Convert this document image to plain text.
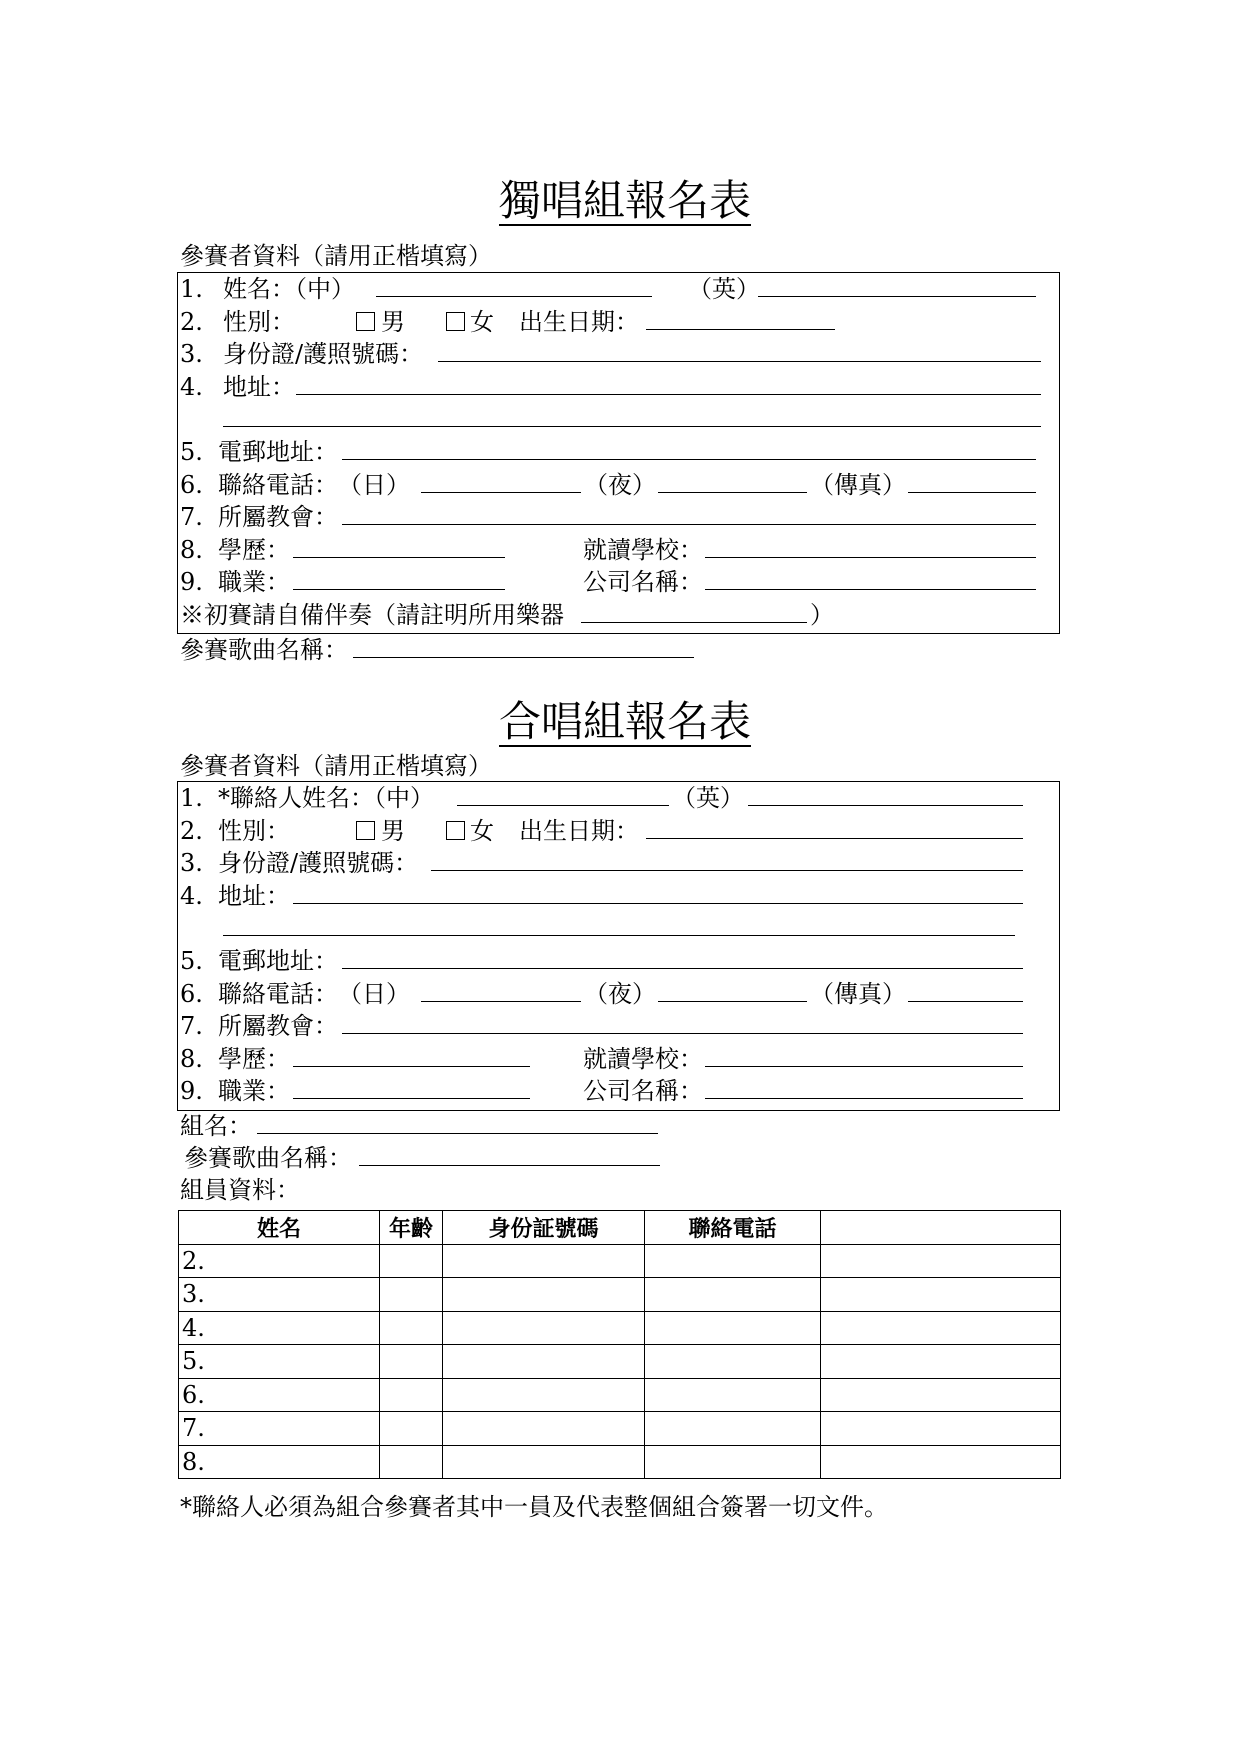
獨唱組報名表
參賽者資料（請用正楷填寫）
1. 姓名：（中）	（英）
2. 性別：	男	女 出生日期：
3. 身份證/護照號碼：
4. 地址：
5. 電郵地址：
6. 聯絡電話： （日）	（夜）	（傳真）
7. 所屬教會：
8. 學歷：	就讀學校：
9. 職業：	公司名稱：
※初賽請自備伴奏（請註明所用樂器	）
參賽歌曲名稱：
合唱組報名表
參賽者資料（請用正楷填寫）
1. *聯絡人姓名：（中）	（英）
2. 性別：	男	女 出生日期：
3. 身份證/護照號碼：
4. 地址：
5. 電郵地址：
6. 聯絡電話： （日）	（夜）	（傳真）
7. 所屬教會：
8. 學歷：	就讀學校：
9. 職業：	公司名稱：
組名：
參賽歌曲名稱：
組員資料：
姓名	年齡	身份証號碼	聯絡電話	
2.				
3.				
4.				
5.				
6.				
7.				
8.				
*聯絡人必須為組合參賽者其中一員及代表整個組合簽署一切文件。
